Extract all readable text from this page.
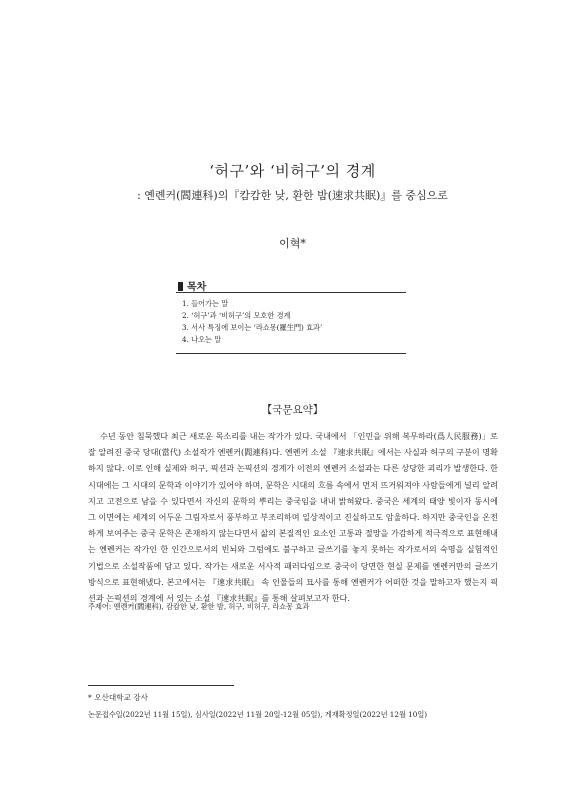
‘허구’와 ‘비허구’의 경계
: 옌롄커(閻連科)의『캄캄한 낮, 환한 밤(速求共眠)』를 중심으로
이혁*
목차
1. 들어가는 말
2. ‘허구’과 ‘비허구’의 모호한 경계
3. 서사 특징에 보이는 ‘라쇼몽(羅生門) 효과’
4. 나오는 말
【국문요약】

수년 동안 침묵했다 최근 새로운 목소리를 내는 작가가 있다. 국내에서 「인민을 위해 복무하라(爲人民服務)」로 잘 알려진 중국 당대(當代) 소설작가 옌롄커(閻連科)다. 옌롄커 소설 『速求共眠』에서는 사실과 허구의 구분이 명확하지 않다. 이로 인해 실제와 허구, 픽션과 논픽션의 경계가 이전의 옌롄커 소설과는 다른 상당한 괴리가 발생한다. 한 시대에는 그 시대의 문학과 이야기가 있어야 하며, 문학은 시대의 흐름 속에서 먼저 뜨거워져야 사람들에게 널리 알려지고 고전으로 남을 수 있다면서 자신의 문학의 뿌리는 중국임을 내내 밝혀왔다. 중국은 세계의 태양 빛이자 동시에 그 이면에는 세계의 어두운 그림자로서 풍부하고 부조리하며 일상적이고 진실하고도 암울하다. 하지만 중국인을 온전하게 보여주는 중국 문학은 존재하지 않는다면서 삶의 본질적인 요소인 고통과 절망을 가감하게 적극적으로 표현해내는 옌롄커는 작가인 한 인간으로서의 빈뇌와 그럼에도 불구하고 글쓰기를 놓지 못하는 작가로서의 숙명을 실험적인 기법으로 소설작품에 담고 있다. 작가는 새로운 서사적 패러다임으로 중국이 당면한 현실 문제를 옌롄커만의 글쓰기 방식으로 표현해냈다. 본고에서는 『速求共眠』 속 인물들의 묘사를 통해 옌롄커가 어떠한 것을 말하고자 했는지 픽션과 논픽션의 경계에 서 있는 소설 『速求共眠』를 통해 살펴보고자 한다.

주제어: 옌롄커(閻連科), 캄캄한 낮, 환한 밤, 허구, 비허구, 라쇼몽 효과
* 오산대학교 강사
논문접수일(2022년 11월 15일), 심사일(2022년 11월 20일-12월 05일), 게재확정일(2022년 12월 10일)
